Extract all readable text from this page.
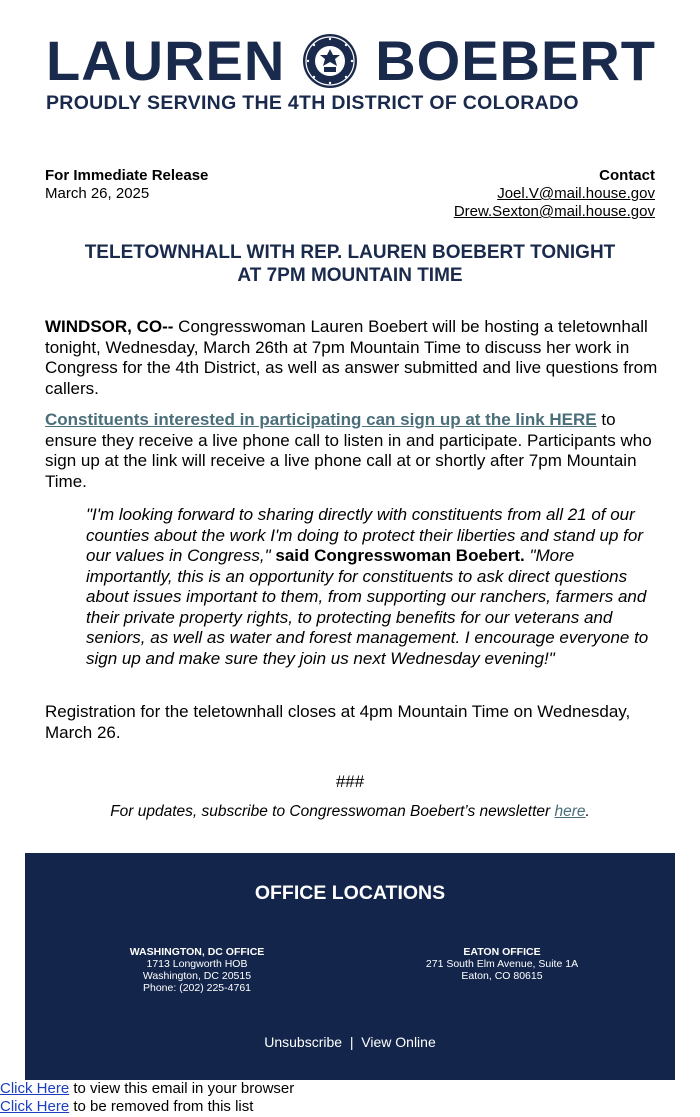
LAUREN BOEBERT
PROUDLY SERVING THE 4TH DISTRICT OF COLORADO
For Immediate Release
March 26, 2025
Contact
Joel.V@mail.house.gov
Drew.Sexton@mail.house.gov
TELETOWNHALL WITH REP. LAUREN BOEBERT TONIGHT
AT 7PM MOUNTAIN TIME
WINDSOR, CO-- Congresswoman Lauren Boebert will be hosting a teletownhall tonight, Wednesday, March 26th at 7pm Mountain Time to discuss her work in Congress for the 4th District, as well as answer submitted and live questions from callers.
Constituents interested in participating can sign up at the link HERE to ensure they receive a live phone call to listen in and participate. Participants who sign up at the link will receive a live phone call at or shortly after 7pm Mountain Time.
"I'm looking forward to sharing directly with constituents from all 21 of our counties about the work I'm doing to protect their liberties and stand up for our values in Congress," said Congresswoman Boebert. "More importantly, this is an opportunity for constituents to ask direct questions about issues important to them, from supporting our ranchers, farmers and their private property rights, to protecting benefits for our veterans and seniors, as well as water and forest management. I encourage everyone to sign up and make sure they join us next Wednesday evening!"
Registration for the teletownhall closes at 4pm Mountain Time on Wednesday, March 26.
###
For updates, subscribe to Congresswoman Boebert’s newsletter here.
OFFICE LOCATIONS
WASHINGTON, DC OFFICE
1713 Longworth HOB
Washington, DC 20515
Phone: (202) 225-4761
EATON OFFICE
271 South Elm Avenue, Suite 1A
Eaton, CO 80615
Unsubscribe | View Online
Click Here to view this email in your browser
Click Here to be removed from this list
